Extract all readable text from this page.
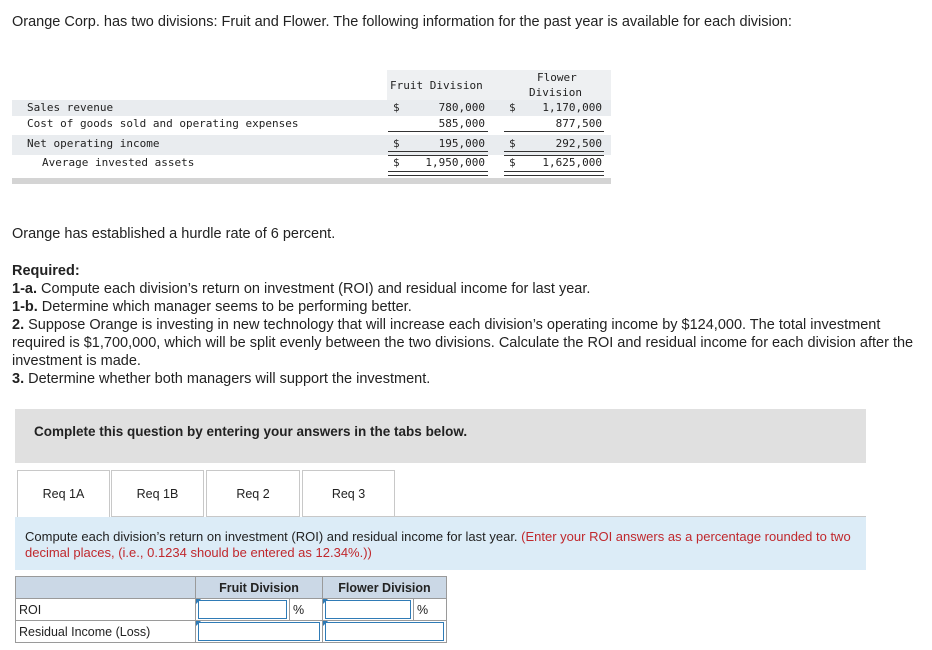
Orange Corp. has two divisions: Fruit and Flower. The following information for the past year is available for each division:
Fruit Division
Flower
Division
Sales revenue	$	780,000 $ 1,170,000
Cost of goods sold and operating expenses	585,000	877,500
Net operating income	$	195,000 $	292,500
Average invested assets	$ 1,950,000 $ 1,625,000
Orange has established a hurdle rate of 6 percent.
Required:
1-a. Compute each division’s return on investment (ROI) and residual income for last year.
1-b. Determine which manager seems to be performing better.
2. Suppose Orange is investing in new technology that will increase each division’s operating income by $124,000. The total investment required is $1,700,000, which will be split evenly between the two divisions. Calculate the ROI and residual income for each division after the investment is made.
3. Determine whether both managers will support the investment.
Complete this question by entering your answers in the tabs below.
Req 1A	Req 1B	Req 2	Req 3
Compute each division’s return on investment (ROI) and residual income for last year. (Enter your ROI answers as a percentage rounded to two decimal places, (i.e., 0.1234 should be entered as 12.34%.))
	Fruit Division		Flower Division	
ROI		%		%
Residual Income (Loss)			
